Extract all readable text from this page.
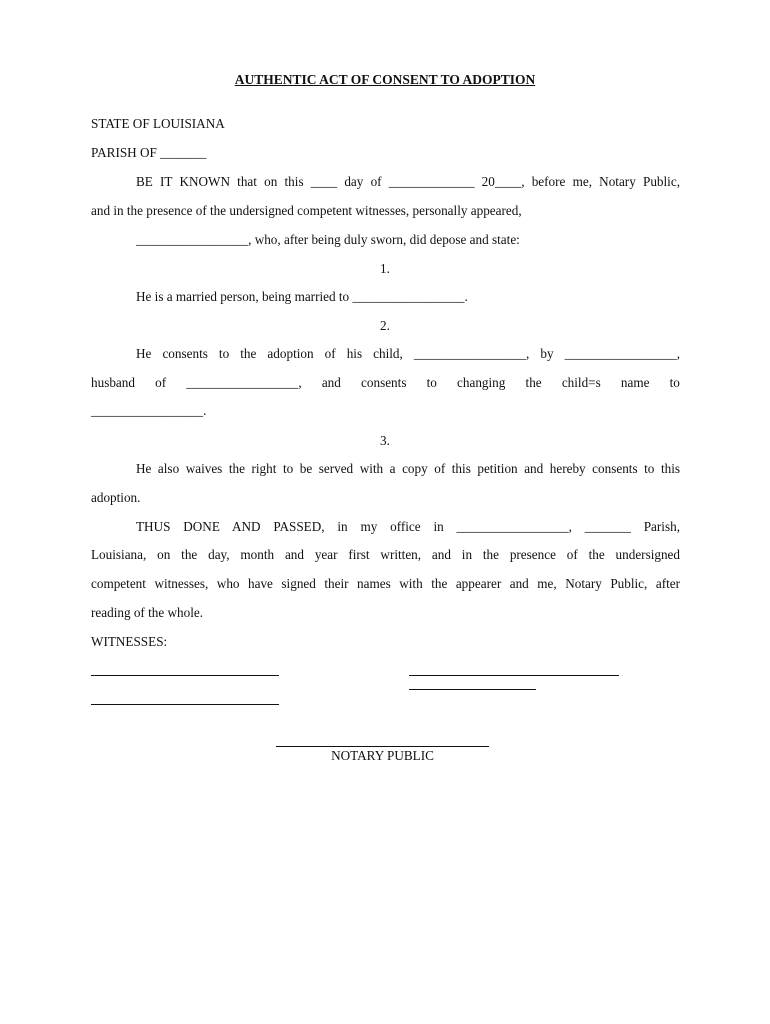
AUTHENTIC ACT OF CONSENT TO ADOPTION
STATE OF LOUISIANA
PARISH OF _______
BE IT KNOWN that on this ____ day of _____________ 20____, before me, Notary Public,
and in the presence of the undersigned competent witnesses, personally appeared,
_________________, who, after being duly sworn, did depose and state:
1.
He is a married person, being married to _________________.
2.
He consents to the adoption of his child, _________________, by _________________,
husband of _________________, and consents to changing the child=s name to
_________________.
3.
He also waives the right to be served with a copy of this petition and hereby consents to this
adoption.
THUS DONE AND PASSED, in my office in _________________, _______ Parish,
Louisiana, on the day, month and year first written, and in the presence of the undersigned
competent witnesses, who have signed their names with the appearer and me, Notary Public, after
reading of the whole.
WITNESSES:
NOTARY PUBLIC
